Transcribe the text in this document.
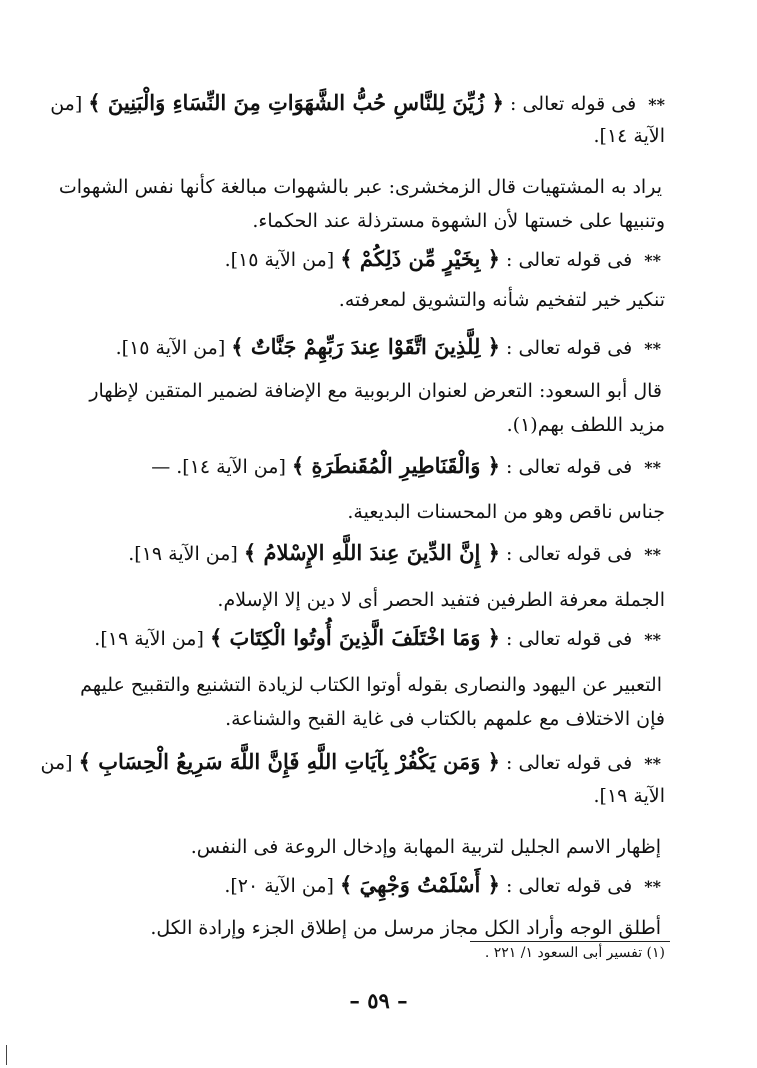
** فى قوله تعالى : ﴿ زُيِّنَ لِلنَّاسِ حُبُّ الشَّهَوَاتِ مِنَ النِّسَاءِ وَالْبَنِينَ ﴾ [من
الآية ١٤].
يراد به المشتهيات قال الزمخشرى: عبر بالشهوات مبالغة كأنها نفس الشهوات
وتنبيها على خستها لأن الشهوة مسترذلة عند الحكماء.
** فى قوله تعالى : ﴿ بِخَيْرٍ مِّن ذَلِكُمْ ﴾ [من الآية ١٥].
تنكير خير لتفخيم شأنه والتشويق لمعرفته.
** فى قوله تعالى : ﴿ لِلَّذِينَ اتَّقَوْا عِندَ رَبِّهِمْ جَنَّاتٌ ﴾ [من الآية ١٥].
قال أبو السعود: التعرض لعنوان الربوبية مع الإضافة لضمير المتقين لإظهار
مزيد اللطف بهم(١).
** فى قوله تعالى : ﴿ وَالْقَنَاطِيرِ الْمُقَنطَرَةِ ﴾ [من الآية ١٤]. —
جناس ناقص وهو من المحسنات البديعية.
** فى قوله تعالى : ﴿ إِنَّ الدِّينَ عِندَ اللَّهِ الإِسْلامُ ﴾ [من الآية ١٩].
الجملة معرفة الطرفين فتفيد الحصر أى لا دين إلا الإسلام.
** فى قوله تعالى : ﴿ وَمَا اخْتَلَفَ الَّذِينَ أُوتُوا الْكِتَابَ ﴾ [من الآية ١٩].
التعبير عن اليهود والنصارى بقوله أوتوا الكتاب لزيادة التشنيع والتقبيح عليهم
فإن الاختلاف مع علمهم بالكتاب فى غاية القبح والشناعة.
** فى قوله تعالى : ﴿ وَمَن يَكْفُرْ بِآيَاتِ اللَّهِ فَإِنَّ اللَّهَ سَرِيعُ الْحِسَابِ ﴾ [من
الآية ١٩].
إظهار الاسم الجليل لتربية المهابة وإدخال الروعة فى النفس.
** فى قوله تعالى : ﴿ أَسْلَمْتُ وَجْهِيَ ﴾ [من الآية ٢٠].
أطلق الوجه وأراد الكل مجاز مرسل من إطلاق الجزء وإرادة الكل.
(١) تفسير أبى السعود ١/ ٢٢١ .
– ٥٩ –
